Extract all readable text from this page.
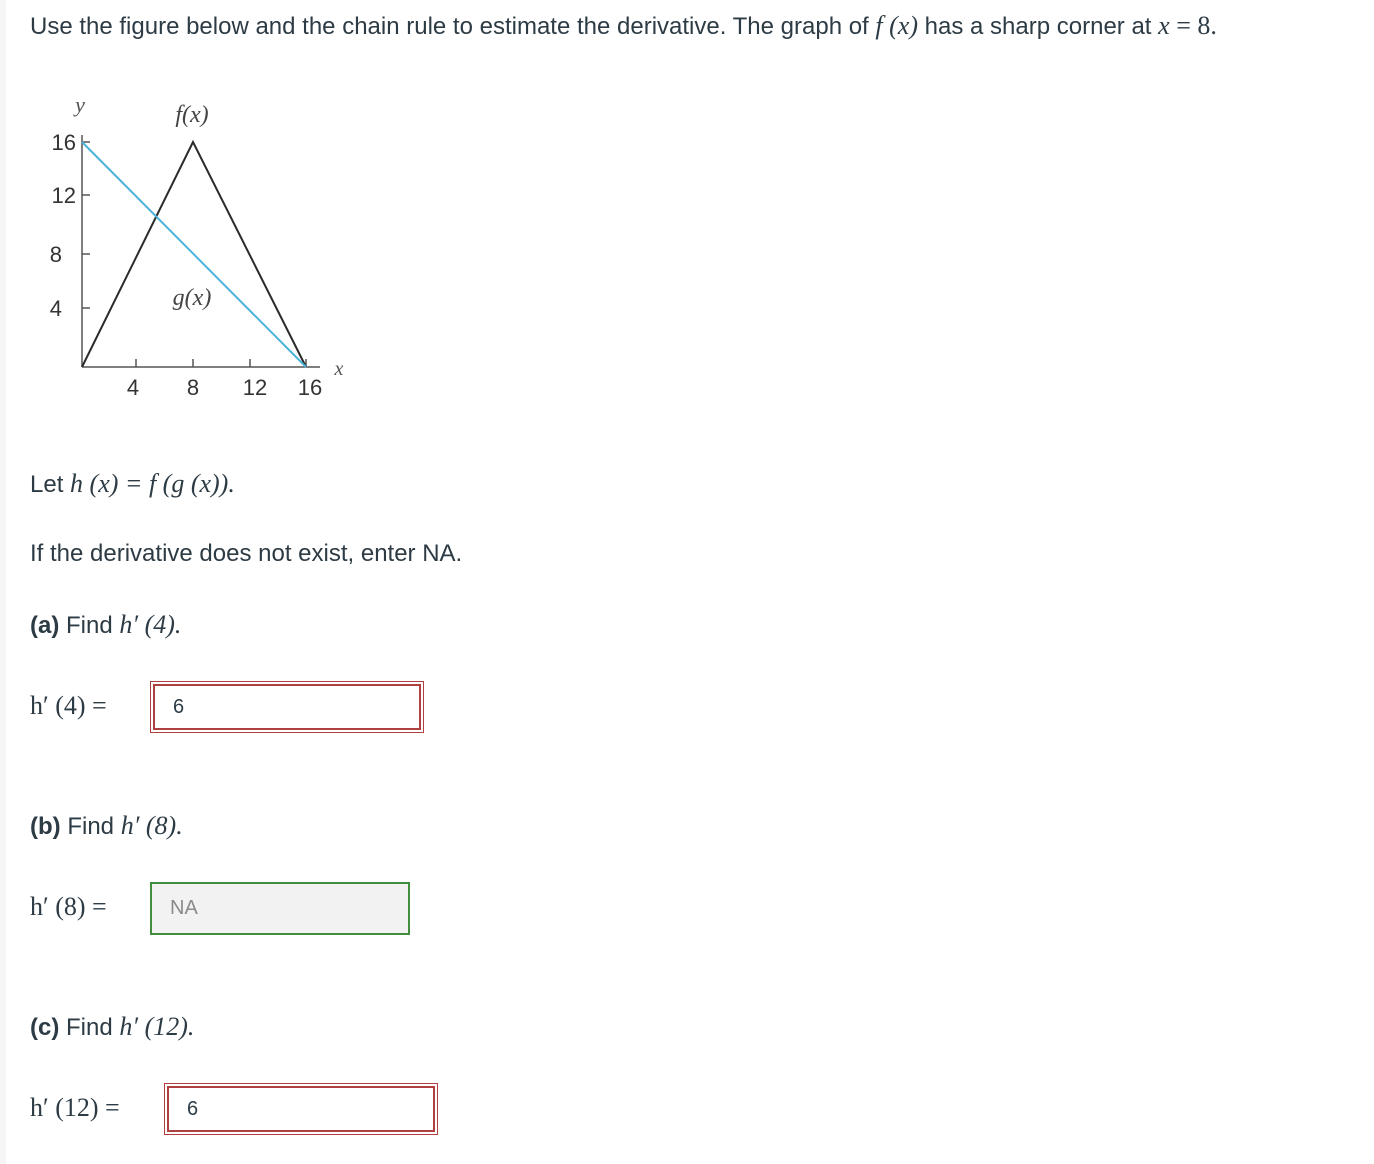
Use the figure below and the chain rule to estimate the derivative. The graph of f (x) has a sharp corner at x = 8.
y
x
f(x)
g(x)
16
12
8
4
4 8 12 16
Let h (x) = f (g (x)).
If the derivative does not exist, enter NA.
(a) Find h′ (4).
h′ (4) =	6
(b) Find h′ (8).
h′ (8) =	NA
(c) Find h′ (12).
h′ (12) =	6
